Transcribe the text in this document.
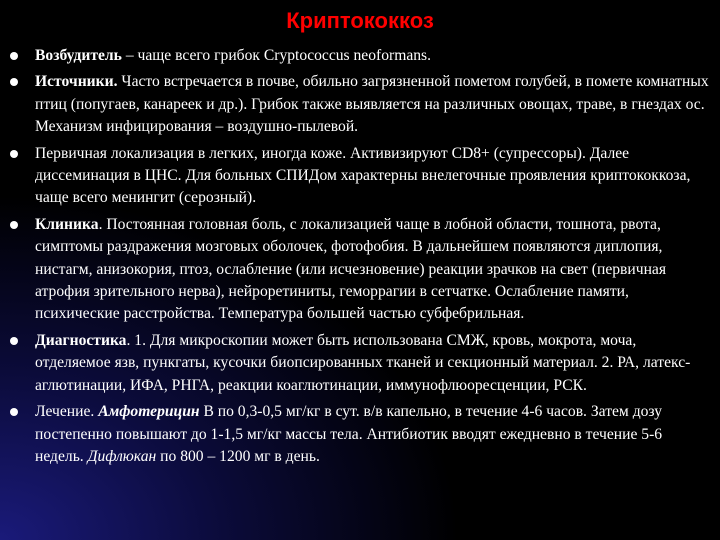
Криптококкоз
Возбудитель – чаще всего грибок Cryptococcus neoformans.
Источники. Часто встречается в почве, обильно загрязненной пометом голубей, в помете комнатных птиц (попугаев, канареек и др.). Грибок также выявляется на различных овощах, траве, в гнездах ос. Механизм инфицирования – воздушно-пылевой.
Первичная локализация в легких, иногда коже. Активизируют CD8+ (супрессоры). Далее диссеминация в ЦНС. Для больных СПИДом характерны внелегочные проявления криптококкоза, чаще всего менингит (серозный).
Клиника. Постоянная головная боль, с локализацией чаще в лобной области, тошнота, рвота, симптомы раздражения мозговых оболочек, фотофобия. В дальнейшем появляются диплопия, нистагм, анизокория, птоз, ослабление (или исчезновение) реакции зрачков на свет (первичная атрофия зрительного нерва), нейроретиниты, геморрагии в сетчатке. Ослабление памяти, психические расстройства. Температура большей частью субфебрильная.
Диагностика. 1. Для микроскопии может быть использована СМЖ, кровь, мокрота, моча, отделяемое язв, пункгаты, кусочки биопсированных тканей и секционный материал. 2. РА, латекс-аглютинации, ИФА, РНГА, реакции коаглютинации, иммунофлюоресценции, РСК.
Лечение. Амфотерицин В по 0,3-0,5 мг/кг в сут. в/в капельно, в течение 4-6 часов. Затем дозу постепенно повышают до 1-1,5 мг/кг массы тела. Антибиотик вводят ежедневно в течение 5-6 недель. Дифлюкан по 800 – 1200 мг в день.
